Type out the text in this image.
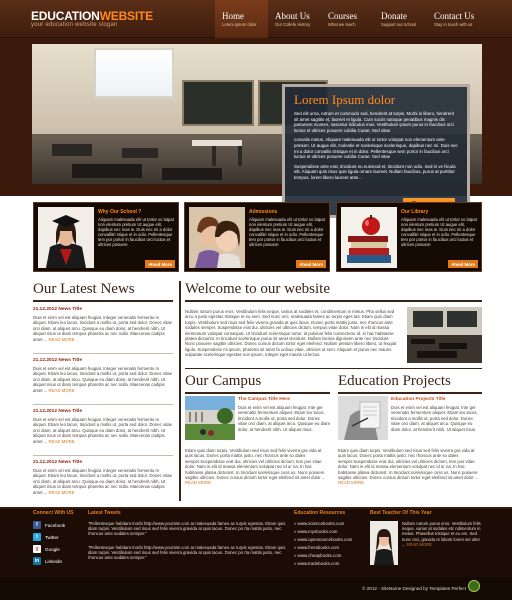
EDUCATIONWEBSITE
your education website slogan
Home
Lorem ipsum dolor
About Us
Our Collefe History
Courses
What we teach
Donate
Support our school
Contact Us
Stay in touch with us
Lorem Ipsum dolor

Sed elit urna, rutrum et commodo sed, hendrerit at turpis. Morbi in libero, hendrerit sit amet sagittis et, laoreet et ligula. Cum sociis natoque penatibus magnis dis parturient montes, nascetur ridiculus mus. Vestibulum ipsum purus in faucibus orci luctus et ultrices posuere cubilia Curae; Sed vitae

convalis metus. Aliquam malesuada elit ut tortor volutpat non elementum ante pretium. Ut augue elit, molestie et scelerisque scelerisque, dapibus nec mi. Duis nec mi a dolor convallis tristique et in dolor. Pellentesque sem portor in faucibus orci luctus et ultrices posuere cubilia Curae; Sed vitae

Suspendisse ante erat, tincidunt eu euismod et, tincidunt non odio. Sed in ve hicula elit. Aliquam quis risus quis ligula ornare laoreet. Nullam faucibus, purus at porttitor tempus, lorem libero laoreet ante...

Why Our School ?
Aliquam malesuada elit ut tortor vo lutpat non elentum pretium Ut augue elit, dapibus nec mas ie. Duis nec mi a dolor convallitri stique et in odio. Pellentesque tem por portor in faucibus orci luctus et ultrices posuere
› Read More
Admissions
Aliquam malesuada elit ut tortor vo lutpat non elentum pretium Ut augue elit, dapibus nec mas ie. Duis nec mi a dolor convallitri stique et in odio. Pellentesque tem por portor in faucibus orci luctus et ultrices posuere
› Read More
Our Library
Aliquam malesuada elit ut tortor vo lutpat non elentum pretium Ut augue elit, dapibus nec mas ie. Duis nec mi a dolor convallitri stique et in odio. Pellentesque tem por portor in faucibus orci luctus et ultrices posuere
› Read More
Our Latest News
21.12.2012 News Title
Duis et enim vel est aliquam feugiat. Integer venenatis fermentu m aliquet. Etiam leo lacus, tincidunt a mollis ut, porta sed dolor. Donec vitae orci diam, at aliquet arcu. Quisque eu diam dolor, at hendrerit nibh. Ut aliquet risus ut diam tempus pharetra ac nec nulla. Maecenas cadipis amet ... READ MORE
21.12.2012 News Title
Duis et enim vel est aliquam feugiat. Integer venenatis fermentu m aliquet. Etiam leo lacus, tincidunt a mollis ut, porta sed dolor. Donec vitae orci diam, at aliquet arcu. Quisque eu diam dolor, at hendrerit nibh. Ut aliquet risus ut diam tempus pharetra ac nec nulla. Maecenas cadipis amet ... READ MORE
21.12.2012 News Title
Duis et enim vel est aliquam feugiat. Integer venenatis fermentu m aliquet. Etiam leo lacus, tincidunt a mollis ut, porta sed dolor. Donec vitae orci diam, at aliquet arcu. Quisque eu diam dolor, at hendrerit nibh. Ut aliquet risus ut diam tempus pharetra ac nec nulla. Maecenas cadipis amet ... READ MORE
21.12.2012 News Title
Duis et enim vel est aliquam feugiat. Integer venenatis fermentu m aliquet. Etiam leo lacus, tincidunt a mollis ut, porta sed dolor. Donec vitae orci diam, at aliquet arcu. Quisque eu diam dolor, at hendrerit nibh. Ut aliquet risus ut diam tempus pharetra ac nec nulla. Maecenas cadipis amet ... READ MORE
Welcome to our website
Nullam rutrum purus eros. Vestibulum felis neque, varius at sodales et, condimentum in metus. Pha sellus sed arcu a justo egestas tristique et eu sem. Sed nunc orci, malesuada fames ac turpis eges tas. Etiam quis diam turpis. Vestibulum sed risus sed felis viverra gravida at quis lacus. Donec porta mattis justo, nec rhoncus ante sodales semper. Suspendisse erat dui, ultricies vel ultricies dictum, tempus vitae dolor. Nam in elit id massa elementum volutpat consequat. Ut tincidunt scelerisque tortor, id pulvinar felis consectetur id. In hac habitasse platea dictumst. In tincidunt scelerisque purus sit amet tincidunt. Nullam lacinia dignissim ante nec tincidunt. Nunc posuere sagittis ultricies. Donec cursus dictum tortor eget eleifend. Nullam pretium libero libero, ut feugiat ligula. Suspendisse mi ipsum, pharetra sit amet fa ucibus vitae, ultricies ut sem. Aliquam et purus nec mauris vulputate scelerisque egestas non ipsum. Integer eget mauris ut lectus.
Our Campus
The Campus Title Here
Duis et enim vel est aliquam feugiat. Inte ger venenatis fermentum aliquet. Etiam leo lacus, tincidunt a mollis ut, porta sed dolor. Donec vitae orci diam, at aliquet arcu. Quisque eu diam dolor, at hendrerit nibh. Ut aliquet risus.
Etiam quis diam turpis. Vestibulum sed risus sed felis viverra gra vida at quis lacus. Donec porta mattis justo, nec rhoncus ante so dales semper.Suspendisse erat dui, ultricies vel ultricies dictum, tem pus vitae dolor. Nam in elit id massa elementum volutpat nec id ur na. In hac habitasse platea dictumst. In tincidunt scelerisque cuss us. Nunc posuere sagittis ultricies. Donec cursus dictum tortor eget eleifend sit amet dolor ... READ MORE
Education Projects
Education Projects Title
Duis et enim vel est aliquam feugiat. Inte ger venenatis fermentum aliquet. Etiam leo lacus, tincidunt a mollis ut, porta sed dolor. Donec vitae orci diam, at aliquet arcu. Quisque eu diam dolor, at hendrerit nibh. Ut aliquet risus.
Etiam quis diam turpis. Vestibulum sed risus sed felis viverra gra vida at quis lacus. Donec porta mattis justo, nec rhoncus ante so dales semper.Suspendisse erat dui, ultricies vel ultricies dictum, tem pus vitae dolor. Nam in elit id massa elementum volutpat nec id ur na. In hac habitasse platea dictumst. In tincidunt scelerisque cuss us. Nunc posuere sagittis ultricies. Donec cursus dictum tortor eget eleifend sit amet dolor ... READ MORE
Connect With US
f	Facebook
t	Twitter
g	Google
in	Linkedin
Latest Tweets
"Pellentesque habitant morbi http://www.yoursite.com at malesuada fames ac turpis egestas. Etiam quis diam turpis. Vestibulum sed risus sed felis viverra gravida at quis lacus. Donec po rta mattis justo, nec rhoncus ante sodales semper."
"Pellentesque habitant morbi http://www.yoursite.com at malesuada fames ac turpis egestas. Etiam quis diam turpis. Vestibulum sed risus sed felis viverra gravida at quis lacus. Donec po rta mattis justo, nec rhoncus ante sodales semper."
Education Resources
» www.sciencebooks.com
» www.mysbooks.com
» www.opensourcebooks.com
» www.freesbooks.com
» www.cheapbooks.com
» www.tradebooks.com
Best Teacher Of This Year
Nullam rutrum purus eros. Vestibulum felis neque, varius at sodales etc ndimentum in metus. Phasellus tristique et eu em. Sed nunc orci, gravida et loborti lorem set ulter ... READ MORE
© 2012 - SiteName Designed by Templates Perfect
